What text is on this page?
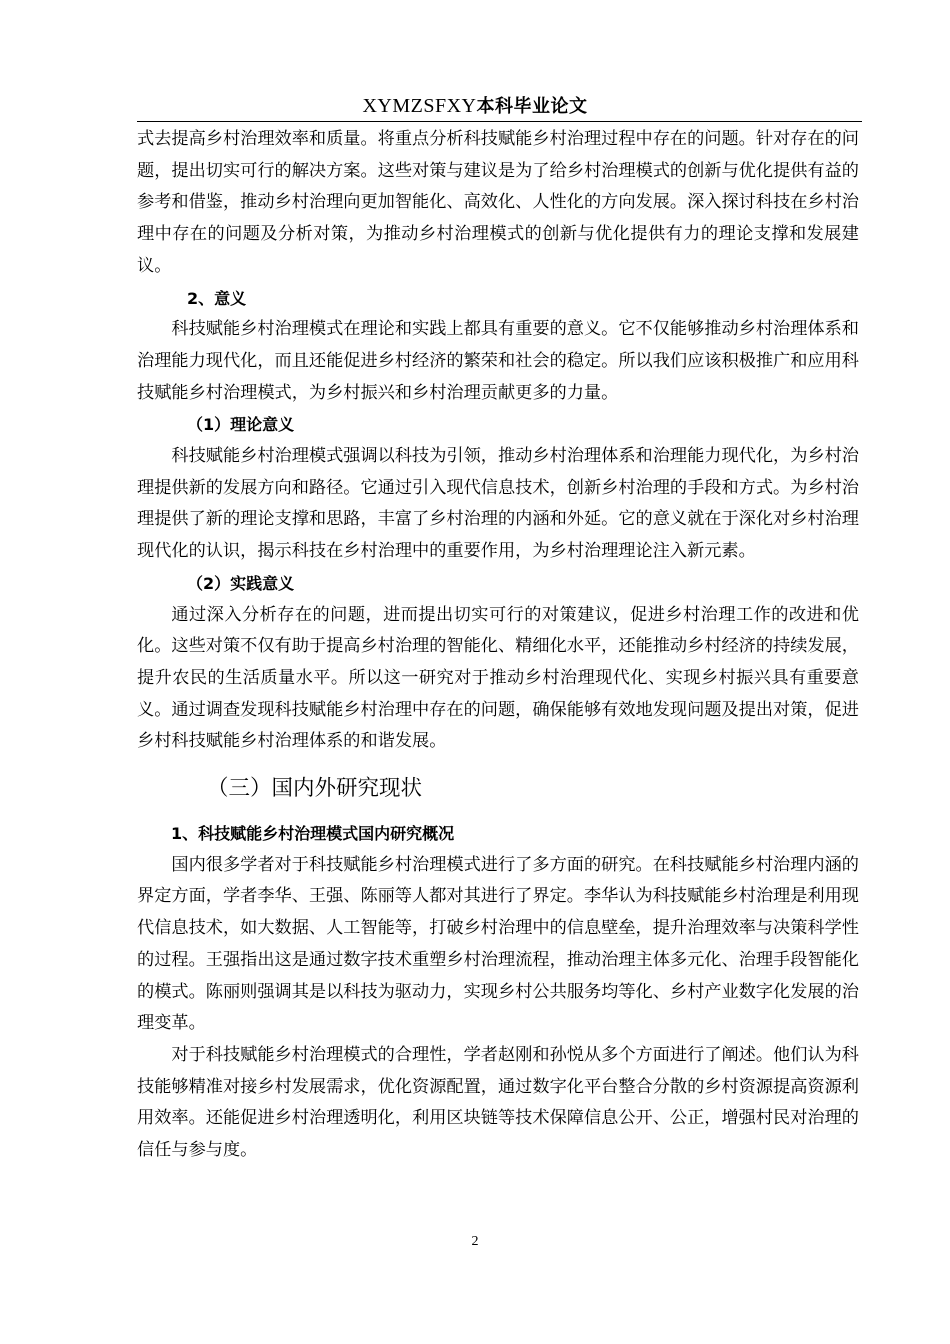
XYMZSFXY本科毕业论文

式去提高乡村治理效率和质量。将重点分析科技赋能乡村治理过程中存在的问题。针对存在的问题，提出切实可行的解决方案。这些对策与建议是为了给乡村治理模式的创新与优化提供有益的参考和借鉴，推动乡村治理向更加智能化、高效化、人性化的方向发展。深入探讨科技在乡村治理中存在的问题及分析对策，为推动乡村治理模式的创新与优化提供有力的理论支撑和发展建议。

2、意义

科技赋能乡村治理模式在理论和实践上都具有重要的意义。它不仅能够推动乡村治理体系和治理能力现代化，而且还能促进乡村经济的繁荣和社会的稳定。所以我们应该积极推广和应用科技赋能乡村治理模式，为乡村振兴和乡村治理贡献更多的力量。

（1）理论意义

科技赋能乡村治理模式强调以科技为引领，推动乡村治理体系和治理能力现代化，为乡村治理提供新的发展方向和路径。它通过引入现代信息技术，创新乡村治理的手段和方式。为乡村治理提供了新的理论支撑和思路，丰富了乡村治理的内涵和外延。它的意义就在于深化对乡村治理现代化的认识，揭示科技在乡村治理中的重要作用，为乡村治理理论注入新元素。

（2）实践意义

通过深入分析存在的问题，进而提出切实可行的对策建议，促进乡村治理工作的改进和优化。这些对策不仅有助于提高乡村治理的智能化、精细化水平，还能推动乡村经济的持续发展，提升农民的生活质量水平。所以这一研究对于推动乡村治理现代化、实现乡村振兴具有重要意义。通过调查发现科技赋能乡村治理中存在的问题，确保能够有效地发现问题及提出对策，促进乡村科技赋能乡村治理体系的和谐发展。

（三）国内外研究现状

1、科技赋能乡村治理模式国内研究概况

国内很多学者对于科技赋能乡村治理模式进行了多方面的研究。在科技赋能乡村治理内涵的界定方面，学者李华、王强、陈丽等人都对其进行了界定。李华认为科技赋能乡村治理是利用现代信息技术，如大数据、人工智能等，打破乡村治理中的信息壁垒，提升治理效率与决策科学性的过程。王强指出这是通过数字技术重塑乡村治理流程，推动治理主体多元化、治理手段智能化的模式。陈丽则强调其是以科技为驱动力，实现乡村公共服务均等化、乡村产业数字化发展的治理变革。

对于科技赋能乡村治理模式的合理性，学者赵刚和孙悦从多个方面进行了阐述。他们认为科技能够精准对接乡村发展需求，优化资源配置，通过数字化平台整合分散的乡村资源提高资源利用效率。还能促进乡村治理透明化，利用区块链等技术保障信息公开、公正，增强村民对治理的信任与参与度。

2
